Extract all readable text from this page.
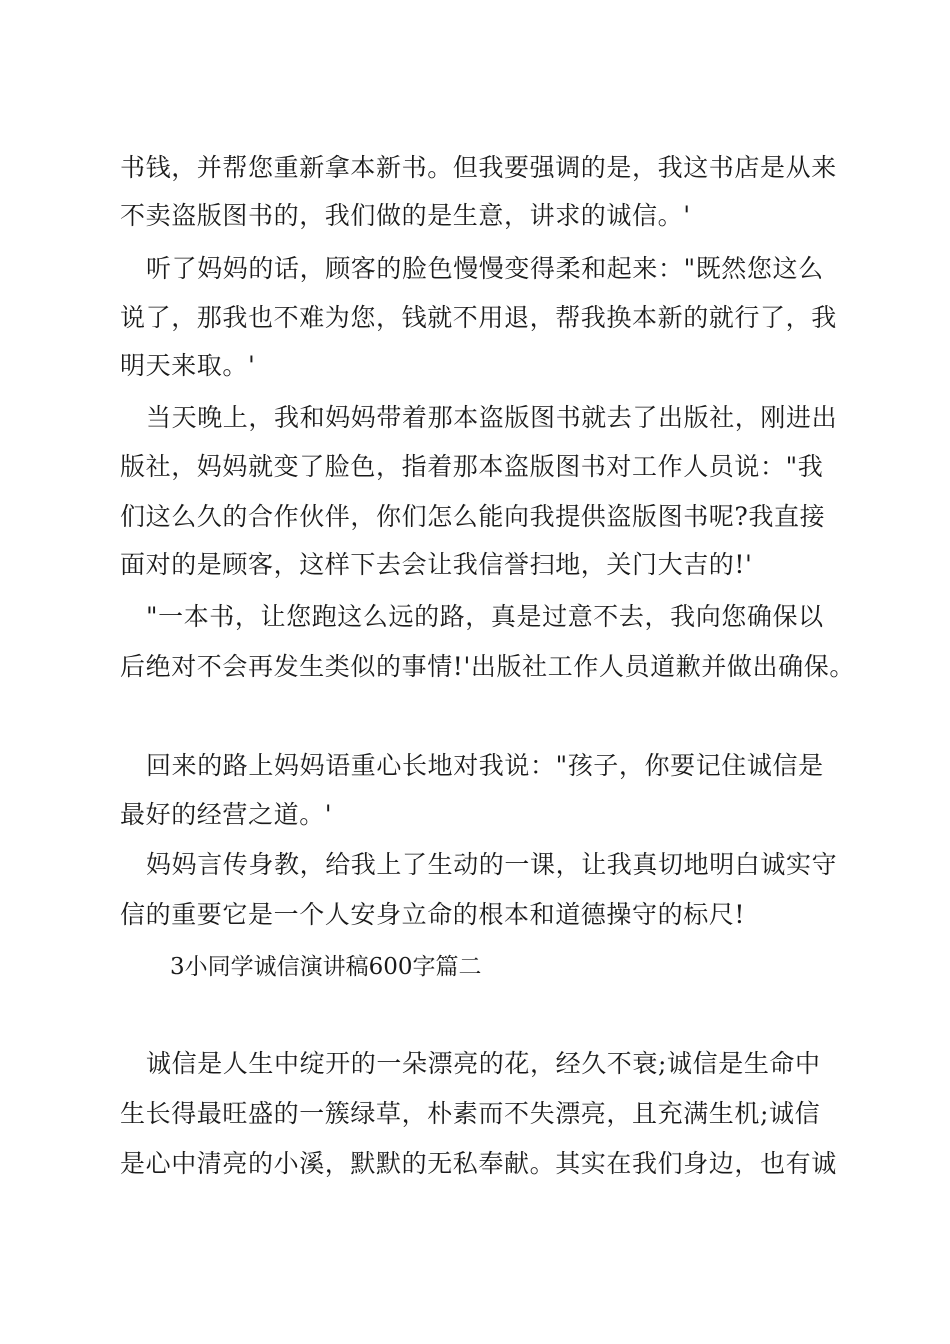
书钱，并帮您重新拿本新书。但我要强调的是，我这书店是从来
不卖盗版图书的，我们做的是生意，讲求的诚信。'
听了妈妈的话，顾客的脸色慢慢变得柔和起来："既然您这么
说了，那我也不难为您，钱就不用退，帮我换本新的就行了，我
明天来取。'
当天晚上，我和妈妈带着那本盗版图书就去了出版社，刚进出
版社，妈妈就变了脸色，指着那本盗版图书对工作人员说："我
们这么久的合作伙伴，你们怎么能向我提供盗版图书呢?我直接
面对的是顾客，这样下去会让我信誉扫地，关门大吉的!'
"一本书，让您跑这么远的路，真是过意不去，我向您确保以
后绝对不会再发生类似的事情!'出版社工作人员道歉并做出确保。
回来的路上妈妈语重心长地对我说："孩子，你要记住诚信是
最好的经营之道。'
妈妈言传身教，给我上了生动的一课，让我真切地明白诚实守
信的重要它是一个人安身立命的根本和道德操守的标尺!
3小同学诚信演讲稿600字篇二
诚信是人生中绽开的一朵漂亮的花，经久不衰;诚信是生命中
生长得最旺盛的一簇绿草，朴素而不失漂亮，且充满生机;诚信
是心中清亮的小溪，默默的无私奉献。其实在我们身边，也有诚
